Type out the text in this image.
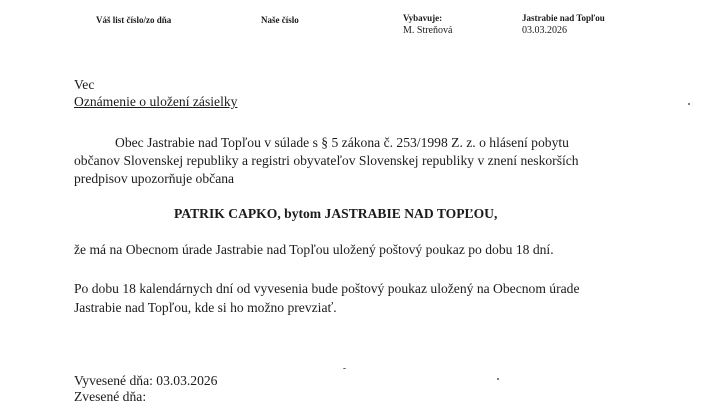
Váš list číslo/zo dňa	Naše číslo	Vybavuje:
M. Streňová
Jastrabie nad Topľou
03.03.2026
Vec
Oznámenie o uložení zásielky
Obec Jastrabie nad Topľou v súlade s § 5 zákona č. 253/1998 Z. z. o hlásení pobytu
občanov Slovenskej republiky a registri obyvateľov Slovenskej republiky v znení neskorších
predpisov upozorňuje občana
PATRIK CAPKO, bytom JASTRABIE NAD TOPĽOU,
že má na Obecnom úrade Jastrabie nad Topľou uložený poštový poukaz po dobu 18 dní.
Po dobu 18 kalendárnych dní od vyvesenia bude poštový poukaz uložený na Obecnom úrade
Jastrabie nad Topľou, kde si ho možno prevziať.
Vyvesené dňa: 03.03.2026
Zvesené dňa:
